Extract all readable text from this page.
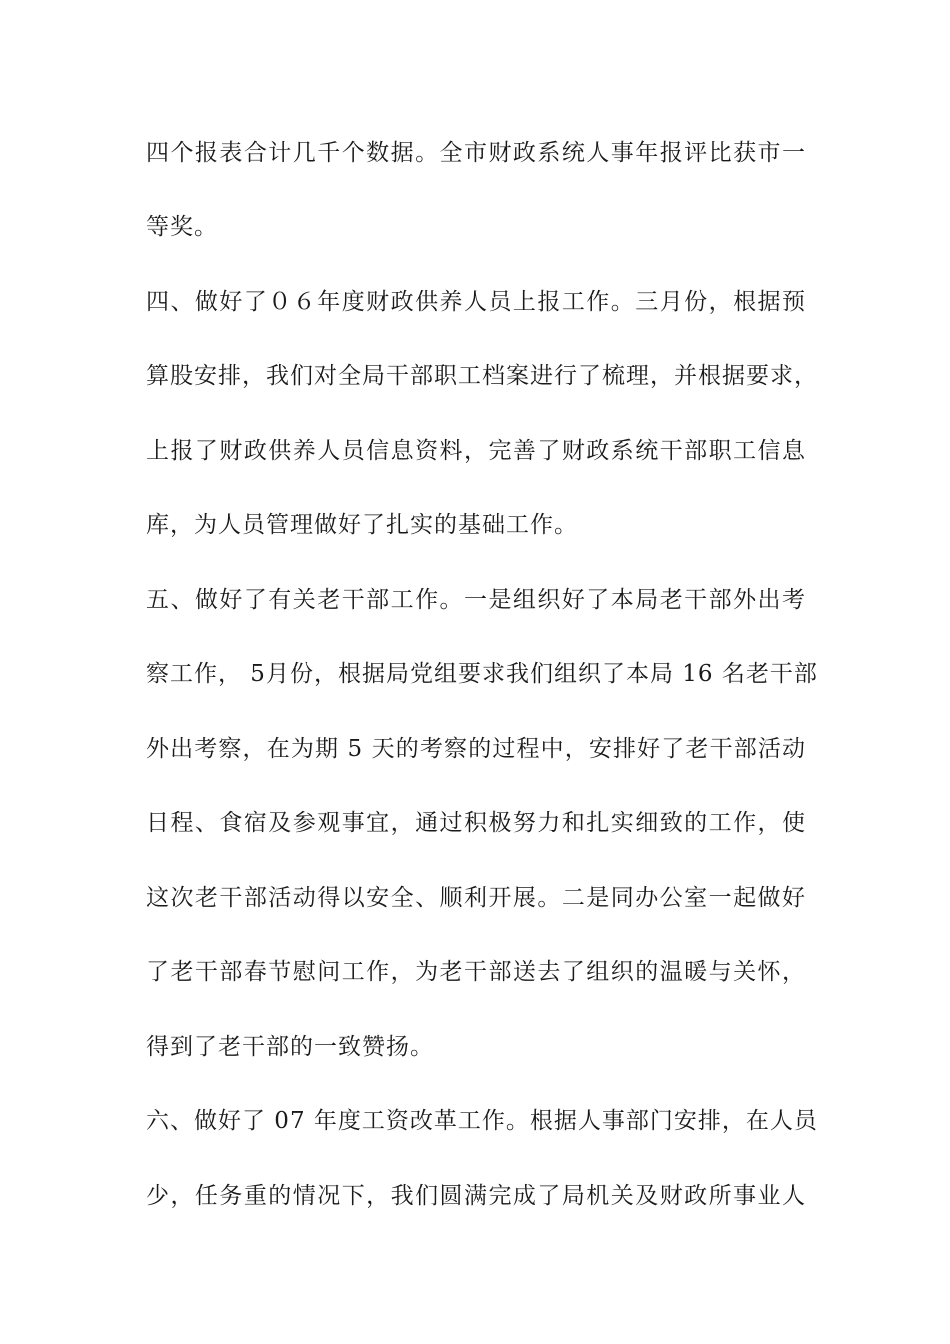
四个报表合计几千个数据。全市财政系统人事年报评比获市一
等奖。
四、做好了０６年度财政供养人员上报工作。三月份，根据预
算股安排，我们对全局干部职工档案进行了梳理，并根据要求，
上报了财政供养人员信息资料，完善了财政系统干部职工信息
库，为人员管理做好了扎实的基础工作。
五、做好了有关老干部工作。一是组织好了本局老干部外出考
察工作， 5月份，根据局党组要求我们组织了本局 16 名老干部
外出考察，在为期 5 天的考察的过程中，安排好了老干部活动
日程、食宿及参观事宜，通过积极努力和扎实细致的工作，使
这次老干部活动得以安全、顺利开展。二是同办公室一起做好
了老干部春节慰问工作，为老干部送去了组织的温暖与关怀，
得到了老干部的一致赞扬。
六、做好了 07 年度工资改革工作。根据人事部门安排，在人员
少，任务重的情况下，我们圆满完成了局机关及财政所事业人
